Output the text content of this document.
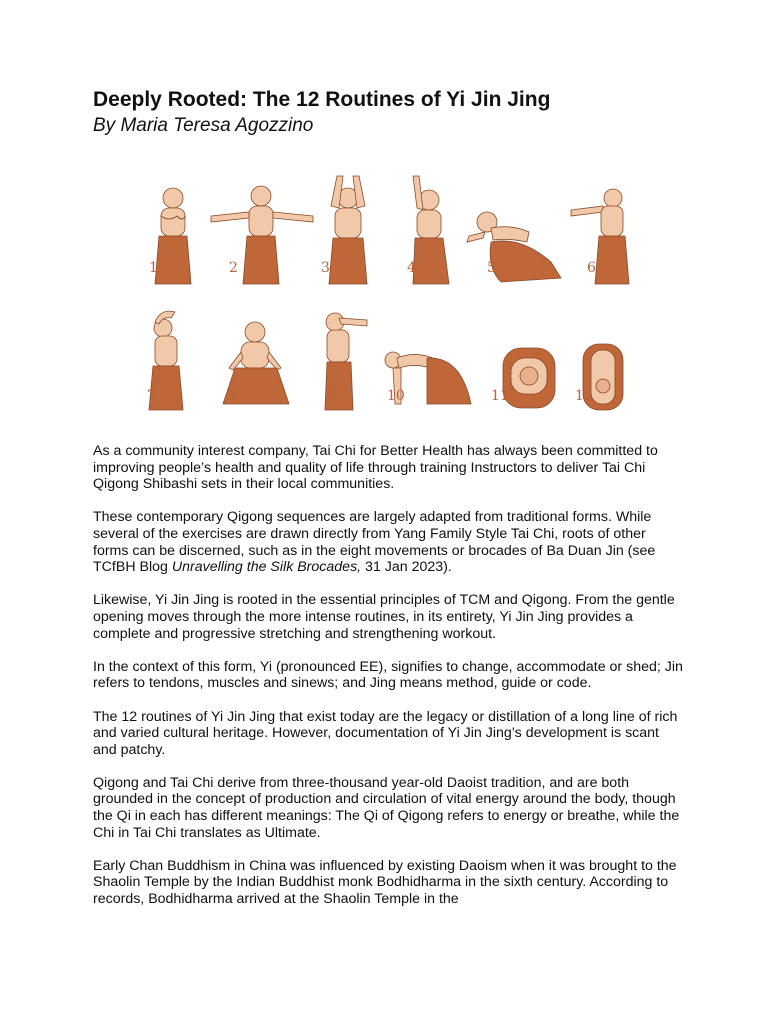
Deeply Rooted: The 12 Routines of Yi Jin Jing

By Maria Teresa Agozzino

1	2	3	4	5	6
7	8	9	10	11	12

As a community interest company, Tai Chi for Better Health has always been committed to improving people’s health and quality of life through training Instructors to deliver Tai Chi Qigong Shibashi sets in their local communities.

These contemporary Qigong sequences are largely adapted from traditional forms. While several of the exercises are drawn directly from Yang Family Style Tai Chi, roots of other forms can be discerned, such as in the eight movements or brocades of Ba Duan Jin (see TCfBH Blog Unravelling the Silk Brocades, 31 Jan 2023).

Likewise, Yi Jin Jing is rooted in the essential principles of TCM and Qigong. From the gentle opening moves through the more intense routines, in its entirety, Yi Jin Jing provides a complete and progressive stretching and strengthening workout.

In the context of this form, Yi (pronounced EE), signifies to change, accommodate or shed; Jin refers to tendons, muscles and sinews; and Jing means method, guide or code.

The 12 routines of Yi Jin Jing that exist today are the legacy or distillation of a long line of rich and varied cultural heritage. However, documentation of Yi Jin Jing’s development is scant and patchy.

Qigong and Tai Chi derive from three-thousand year-old Daoist tradition, and are both grounded in the concept of production and circulation of vital energy around the body, though the Qi in each has different meanings: The Qi of Qigong refers to energy or breathe, while the Chi in Tai Chi translates as Ultimate.

Early Chan Buddhism in China was influenced by existing Daoism when it was brought to the Shaolin Temple by the Indian Buddhist monk Bodhidharma in the sixth century. According to records, Bodhidharma arrived at the Shaolin Temple in the
